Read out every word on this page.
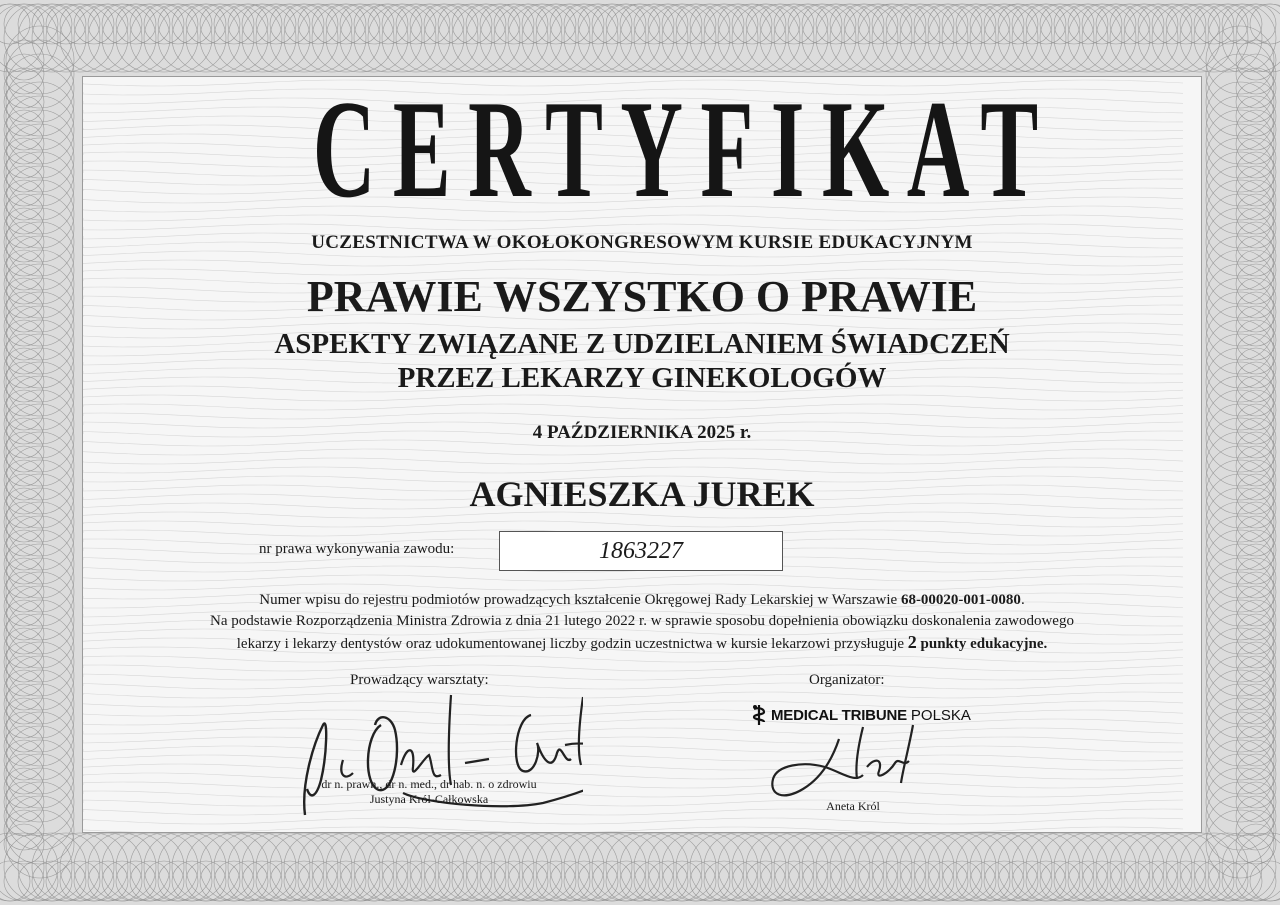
CERTYFIKAT
UCZESTNICTWA W OKOŁOKONGRESOWYM KURSIE EDUKACYJNYM
PRAWIE WSZYSTKO O PRAWIE
ASPEKTY ZWIĄZANE Z UDZIELANIEM ŚWIADCZEŃ
PRZEZ LEKARZY GINEKOLOGÓW
4 PAŹDZIERNIKA 2025 r.
AGNIESZKA JUREK
nr prawa wykonywania zawodu:	1863227
Numer wpisu do rejestru podmiotów prowadzących kształcenie Okręgowej Rady Lekarskiej w Warszawie 68-00020-001-0080.
Na podstawie Rozporządzenia Ministra Zdrowia z dnia 21 lutego 2022 r. w sprawie sposobu dopełnienia obowiązku doskonalenia zawodowego
lekarzy i lekarzy dentystów oraz udokumentowanej liczby godzin uczestnictwa w kursie lekarzowi przysługuje 2 punkty edukacyjne.
Prowadzący warsztaty:
dr n. prawn., dr n. med., dr hab. n. o zdrowiu
Justyna Król-Całkowska
Organizator:
MEDICAL TRIBUNE POLSKA
Aneta Król
